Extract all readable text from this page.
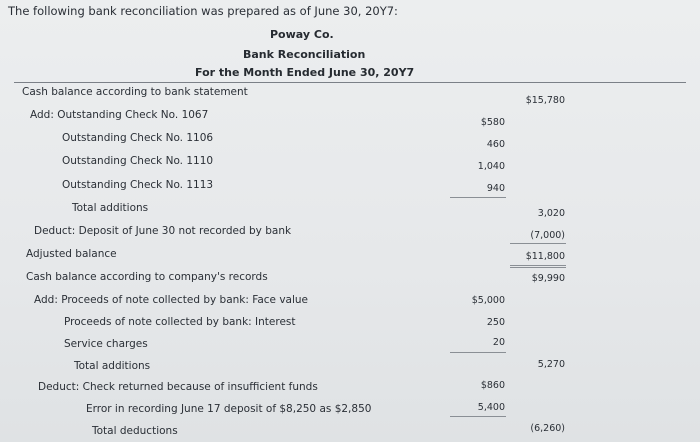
The following bank reconciliation was prepared as of June 30, 20Y7:
Poway Co.
Bank Reconciliation
For the Month Ended June 30, 20Y7
Cash balance according to bank statement
Add: Outstanding Check No. 1067
Outstanding Check No. 1106
Outstanding Check No. 1110
Outstanding Check No. 1113
Total additions
Deduct: Deposit of June 30 not recorded by bank
Adjusted balance
Cash balance according to company's records
Add: Proceeds of note collected by bank: Face value
Proceeds of note collected by bank: Interest
Service charges
Total additions
Deduct: Check returned because of insufficient funds
Error in recording June 17 deposit of $8,250 as $2,850
Total deductions
$580
460
1,040
940
$5,000
250
20
$860
5,400
$15,780
3,020
(7,000)
$11,800
$9,990
5,270
(6,260)
